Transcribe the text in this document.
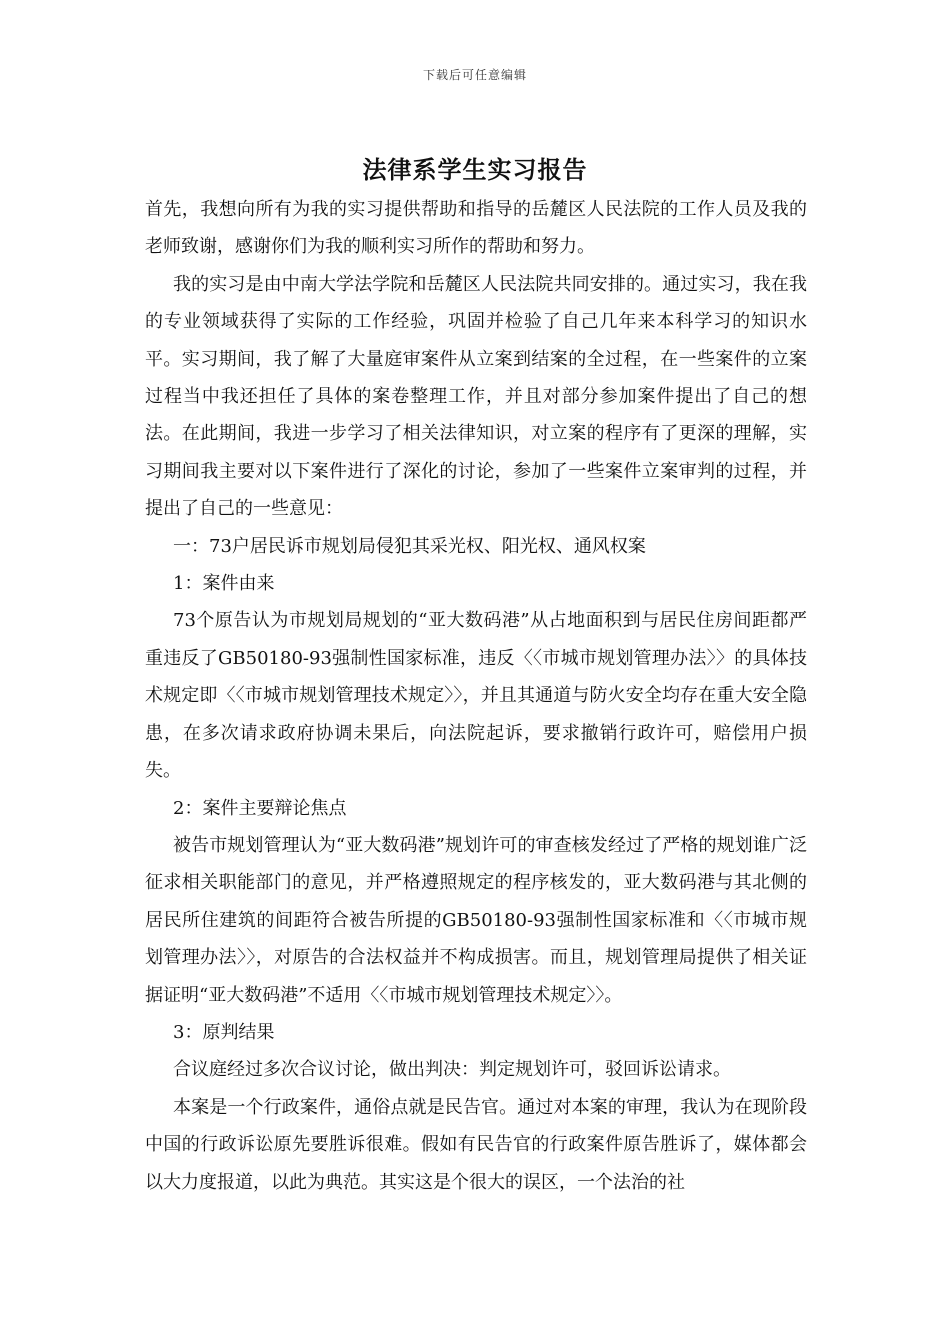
下载后可任意编辑
法律系学生实习报告

首先，我想向所有为我的实习提供帮助和指导的岳麓区人民法院的工作人员及我的老师致谢，感谢你们为我的顺利实习所作的帮助和努力。

我的实习是由中南大学法学院和岳麓区人民法院共同安排的。通过实习，我在我的专业领域获得了实际的工作经验，巩固并检验了自己几年来本科学习的知识水平。实习期间，我了解了大量庭审案件从立案到结案的全过程，在一些案件的立案过程当中我还担任了具体的案卷整理工作，并且对部分参加案件提出了自己的想法。在此期间，我进一步学习了相关法律知识，对立案的程序有了更深的理解，实习期间我主要对以下案件进行了深化的讨论，参加了一些案件立案审判的过程，并提出了自己的一些意见：

一：73户居民诉市规划局侵犯其采光权、阳光权、通风权案

1：案件由来

73个原告认为市规划局规划的“亚大数码港”从占地面积到与居民住房间距都严重违反了GB50180-93强制性国家标准，违反〈〈市城市规划管理办法〉〉的具体技术规定即〈〈市城市规划管理技术规定〉〉，并且其通道与防火安全均存在重大安全隐患，在多次请求政府协调未果后，向法院起诉，要求撤销行政许可，赔偿用户损失。

2：案件主要辩论焦点

被告市规划管理认为“亚大数码港”规划许可的审查核发经过了严格的规划谁广泛征求相关职能部门的意见，并严格遵照规定的程序核发的，亚大数码港与其北侧的居民所住建筑的间距符合被告所提的GB50180-93强制性国家标准和〈〈市城市规划管理办法〉〉，对原告的合法权益并不构成损害。而且，规划管理局提供了相关证据证明“亚大数码港”不适用〈〈市城市规划管理技术规定〉〉。

3：原判结果

合议庭经过多次合议讨论，做出判决：判定规划许可，驳回诉讼请求。

本案是一个行政案件，通俗点就是民告官。通过对本案的审理，我认为在现阶段中国的行政诉讼原先要胜诉很难。假如有民告官的行政案件原告胜诉了，媒体都会以大力度报道，以此为典范。其实这是个很大的误区，一个法治的社
